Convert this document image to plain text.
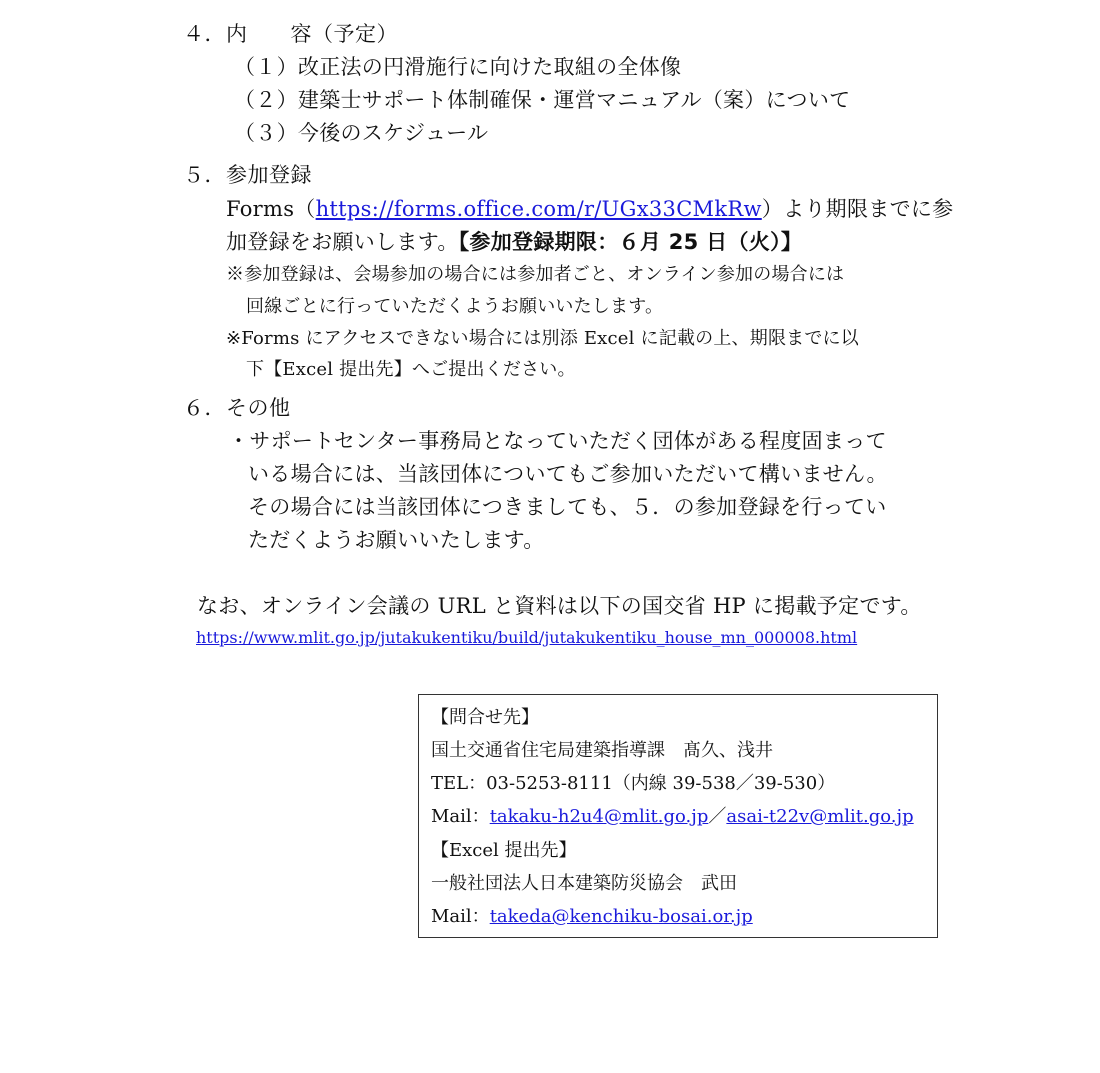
４．内　　容（予定）
（１）改正法の円滑施行に向けた取組の全体像
（２）建築士サポート体制確保・運営マニュアル（案）について
（３）今後のスケジュール
５．参加登録
Forms（https://forms.office.com/r/UGx33CMkRw）より期限までに参
加登録をお願いします。【参加登録期限：６月 25 日（火）】
※参加登録は、会場参加の場合には参加者ごと、オンライン参加の場合には
回線ごとに行っていただくようお願いいたします。
※Forms にアクセスできない場合には別添 Excel に記載の上、期限までに以
下【Excel 提出先】へご提出ください。
６．その他
・サポートセンター事務局となっていただく団体がある程度固まって
いる場合には、当該団体についてもご参加いただいて構いません。
その場合には当該団体につきましても、５．の参加登録を行ってい
ただくようお願いいたします。
なお、オンライン会議の URL と資料は以下の国交省 HP に掲載予定です。
https://www.mlit.go.jp/jutakukentiku/build/jutakukentiku_house_mn_000008.html
【問合せ先】
国土交通省住宅局建築指導課　髙久、浅井
TEL：03-5253-8111（内線 39-538／39-530）
Mail：takaku-h2u4@mlit.go.jp／asai-t22v@mlit.go.jp
【Excel 提出先】
一般社団法人日本建築防災協会　武田
Mail：takeda@kenchiku-bosai.or.jp
